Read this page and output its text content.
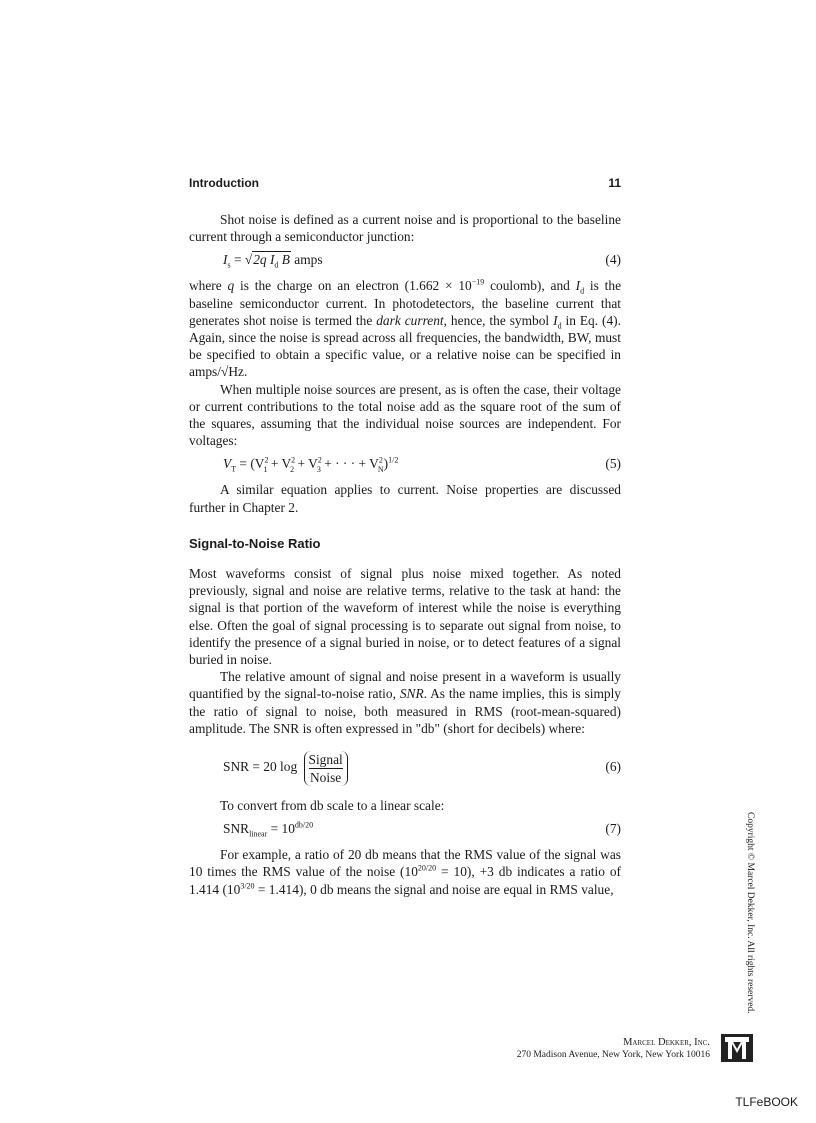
Introduction	11

Shot noise is defined as a current noise and is proportional to the baseline current through a semiconductor junction:

$I_s = √2q$ $I_d$ B amps	(4)

where q is the charge on an electron ($1.662 \times 10^{-19}$ coulomb), and $I_d$ is the baseline semiconductor current. In photodetectors, the baseline current that generates shot noise is termed the dark current, hence, the symbol $I_d$ in Eq. (4). Again, since the noise is spread across all frequencies, the bandwidth, BW, must be specified to obtain a specific value, or a relative noise can be specified in amps/√Hz.

When multiple noise sources are present, as is often the case, their voltage or current contributions to the total noise add as the square root of the sum of the squares, assuming that the individual noise sources are independent. For voltages:

$V_T = (V^2_1 + V^2_2 + V^2_3$ + · · · + $V^2_N)^{1/2}$	(5)

A similar equation applies to current. Noise properties are discussed further in Chapter 2.

Signal-to-Noise Ratio

Most waveforms consist of signal plus noise mixed together. As noted previously, signal and noise are relative terms, relative to the task at hand: the signal is that portion of the waveform of interest while the noise is everything else. Often the goal of signal processing is to separate out signal from noise, to identify the presence of a signal buried in noise, or to detect features of a signal buried in noise.

The relative amount of signal and noise present in a waveform is usually quantified by the signal-to-noise ratio, SNR. As the name implies, this is simply the ratio of signal to noise, both measured in RMS (root-mean-squared) amplitude. The SNR is often expressed in "db" (short for decibels) where:

SNR = 20 $\log \frac{\text{Signal}}{\text{Noise}}$	(6)

To convert from db scale to a linear scale:

$SNR_{linear} = 10^{db/20}$	(7)

For example, a ratio of 20 db means that the RMS value of the signal was 10 times the RMS value of the noise $(10^{20/20} = 10)$, +3 db indicates a ratio of 1.414 $(10^{3/20} = 1.414)$, 0 db means the signal and noise are equal in RMS value,	Copyright © Marcel Dekker, Inc. All rights reserved.
Marcel Dekker, Inc.
270 Madison Avenue, New York, New York 10016
TLFeBOOK
